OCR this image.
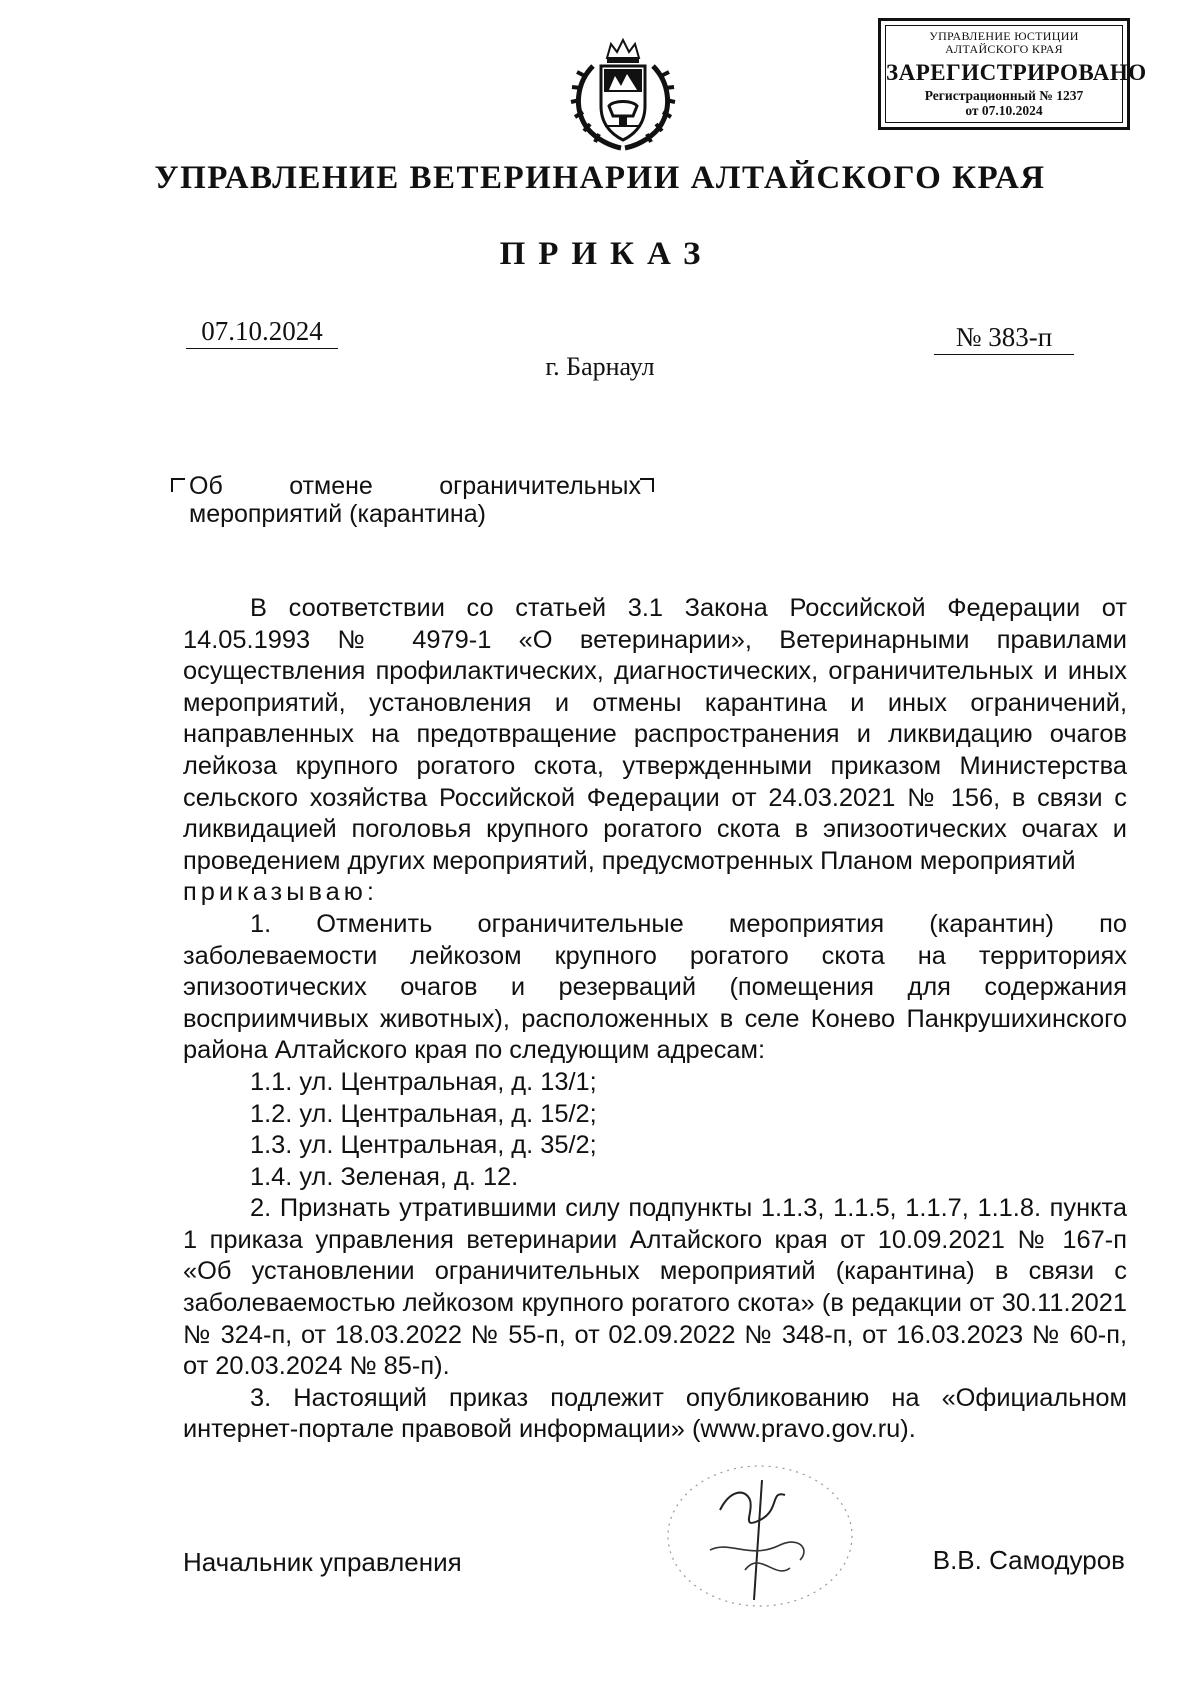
УПРАВЛЕНИЕ ЮСТИЦИИ АЛТАЙСКОГО КРАЯ
ЗАРЕГИСТРИРОВАНО
Регистрационный № 1237
от 07.10.2024
УПРАВЛЕНИЕ ВЕТЕРИНАРИИ АЛТАЙСКОГО КРАЯ
ПРИКАЗ
07.10.2024	№ 383-п
г. Барнаул
Об	отмене	ограничительных
мероприятий (карантина)

В соответствии со статьей 3.1 Закона Российской Федерации от 14.05.1993 № 4979-1 «О ветеринарии», Ветеринарными правилами осуществления профилактических, диагностических, ограничительных и иных мероприятий, установления и отмены карантина и иных ограничений, направленных на предотвращение распространения и ликвидацию очагов лейкоза крупного рогатого скота, утвержденными приказом Министерства сельского хозяйства Российской Федерации от 24.03.2021 № 156, в связи с ликвидацией поголовья крупного рогатого скота в эпизоотических очагах и проведением других мероприятий, предусмотренных Планом мероприятий

приказываю:

1. Отменить ограничительные мероприятия (карантин) по заболеваемости лейкозом крупного рогатого скота на территориях эпизоотических очагов и резерваций (помещения для содержания восприимчивых животных), расположенных в селе Конево Панкрушихинского района Алтайского края по следующим адресам:

1.1. ул. Центральная, д. 13/1;

1.2. ул. Центральная, д. 15/2;

1.3. ул. Центральная, д. 35/2;

1.4. ул. Зеленая, д. 12.

2. Признать утратившими силу подпункты 1.1.3, 1.1.5, 1.1.7, 1.1.8. пункта 1 приказа управления ветеринарии Алтайского края от 10.09.2021 № 167-п «Об установлении ограничительных мероприятий (карантина) в связи с заболеваемостью лейкозом крупного рогатого скота» (в редакции от 30.11.2021 № 324-п, от 18.03.2022 № 55-п, от 02.09.2022 № 348-п, от 16.03.2023 № 60-п, от 20.03.2024 № 85-п).

3. Настоящий приказ подлежит опубликованию на «Официальном интернет-портале правовой информации» (www.pravo.gov.ru).

Начальник управления	В.В. Самодуров
